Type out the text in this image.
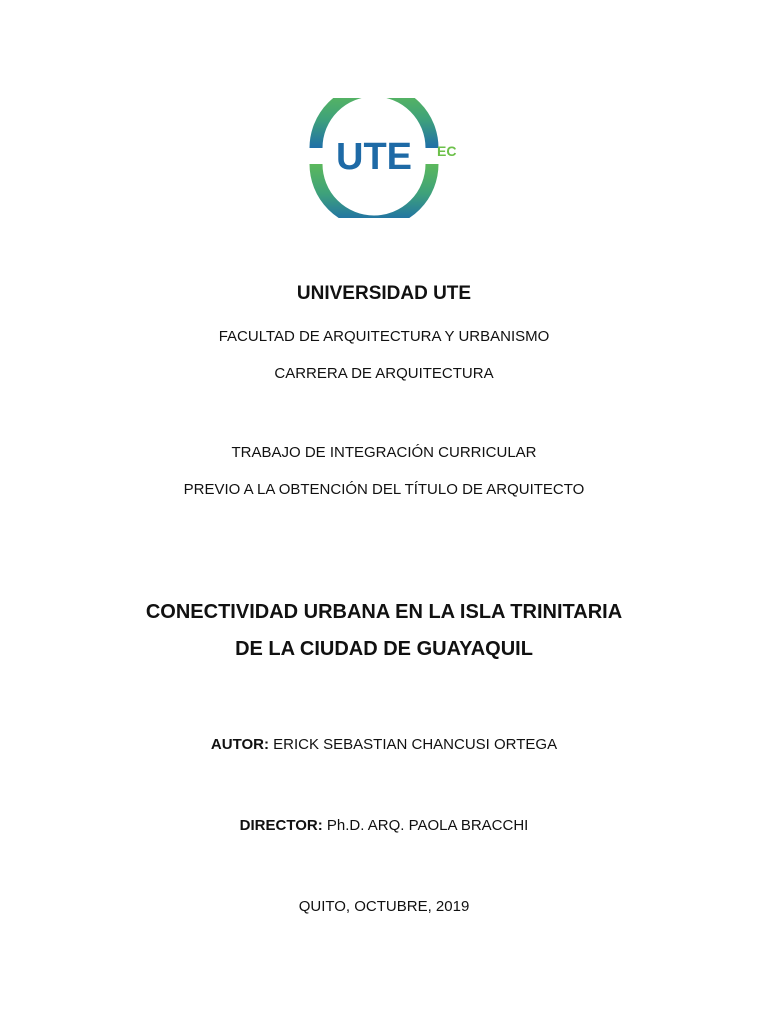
UTE EC
UNIVERSIDAD UTE
FACULTAD DE ARQUITECTURA Y URBANISMO
CARRERA DE ARQUITECTURA
TRABAJO DE INTEGRACIÓN CURRICULAR
PREVIO A LA OBTENCIÓN DEL TÍTULO DE ARQUITECTO
CONECTIVIDAD URBANA EN LA ISLA TRINITARIA
DE LA CIUDAD DE GUAYAQUIL
AUTOR: ERICK SEBASTIAN CHANCUSI ORTEGA
DIRECTOR: Ph.D. ARQ. PAOLA BRACCHI
QUITO, OCTUBRE, 2019
